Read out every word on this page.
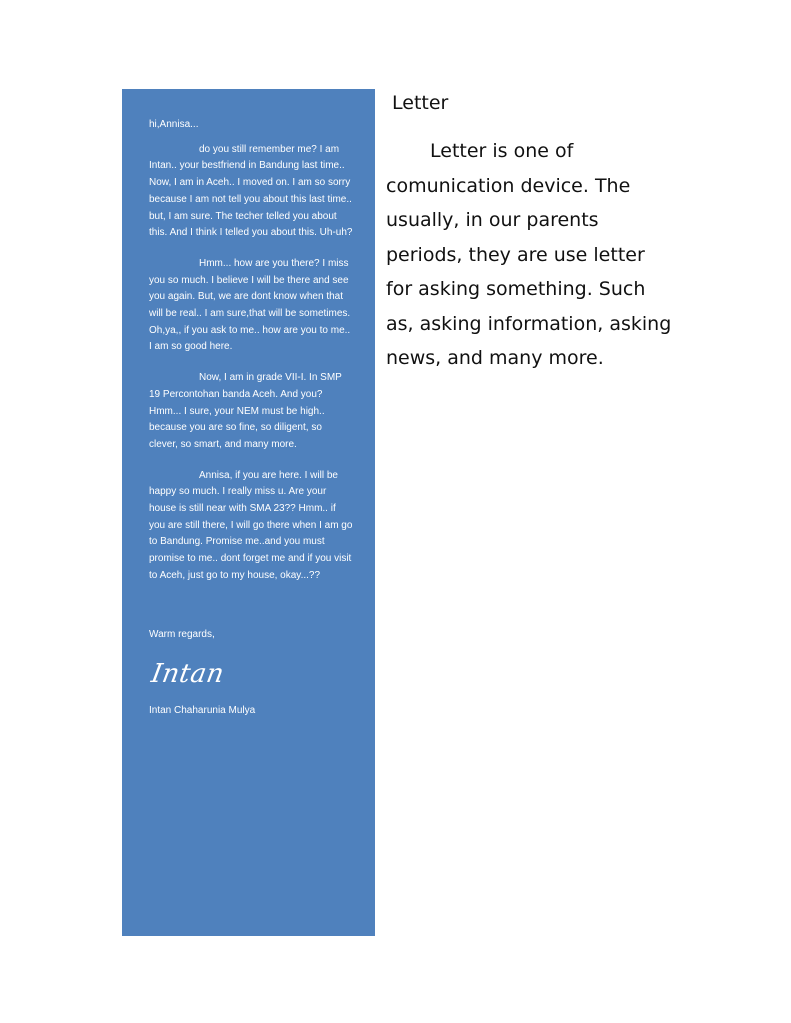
hi,Annisa...

do you still remember me? I am Intan.. your bestfriend in Bandung last time.. Now, I am in Aceh.. I moved on. I am so sorry because I am not tell you about this last time.. but, I am sure. The techer telled you about this. And I think I telled you about this. Uh-uh?

Hmm... how are you there? I miss you so much. I believe I will be there and see you again. But, we are dont know when that will be real.. I am sure,that will be sometimes. Oh,ya,, if you ask to me.. how are you to me.. I am so good here.

Now, I am in grade VII-I. In SMP 19 Percontohan banda Aceh. And you? Hmm... I sure, your NEM must be high.. because you are so fine, so diligent, so clever, so smart, and many more.

Annisa, if you are here. I will be happy so much. I really miss u. Are your house is still near with SMA 23?? Hmm.. if you are still there, I will go there when I am go to Bandung. Promise me..and you must promise to me.. dont forget me and if you visit to Aceh, just go to my house, okay...??

Warm regards,
Intan
Intan Chaharunia Mulya
Letter

Letter is one of comunication device. The usually, in our parents periods, they are use letter for asking something. Such as, asking information, asking news, and many more.
